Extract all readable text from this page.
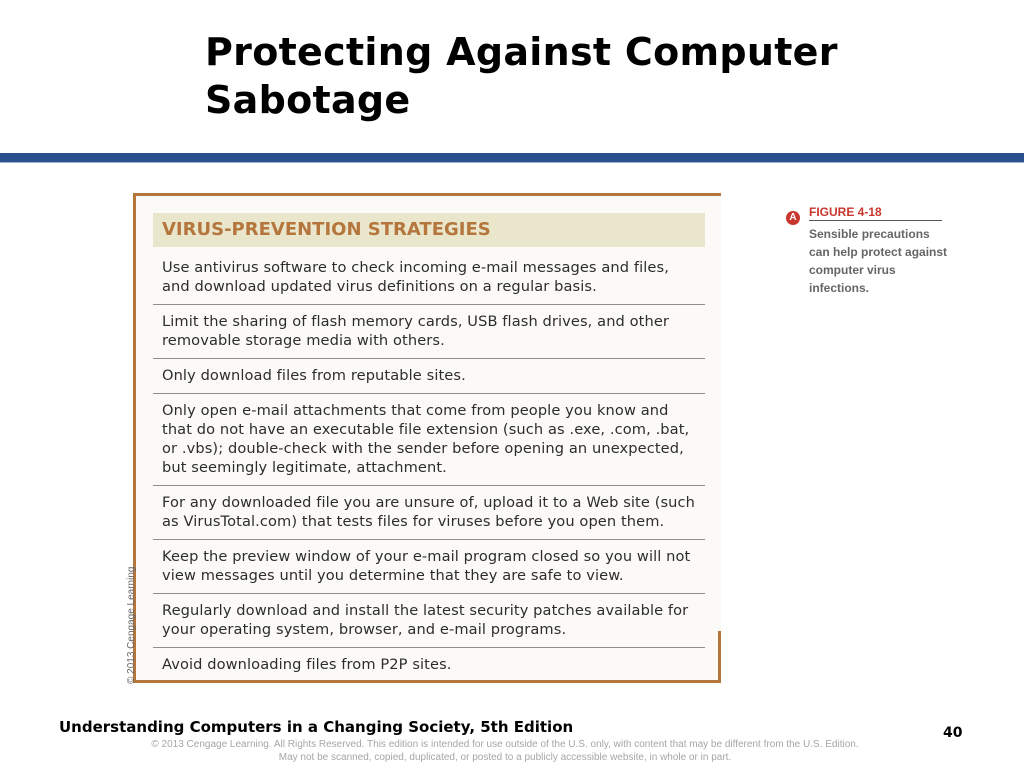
Protecting Against Computer Sabotage
VIRUS-PREVENTION STRATEGIES
Use antivirus software to check incoming e-mail messages and files, and download updated virus definitions on a regular basis.
Limit the sharing of flash memory cards, USB flash drives, and other removable storage media with others.
Only download files from reputable sites.
Only open e-mail attachments that come from people you know and that do not have an executable file extension (such as .exe, .com, .bat, or .vbs); double-check with the sender before opening an unexpected, but seemingly legitimate, attachment.
For any downloaded file you are unsure of, upload it to a Web site (such as VirusTotal.com) that tests files for viruses before you open them.
Keep the preview window of your e-mail program closed so you will not view messages until you determine that they are safe to view.
Regularly download and install the latest security patches available for your operating system, browser, and e-mail programs.
Avoid downloading files from P2P sites.
© 2013 Cengage Learning
A FIGURE 4-18
Sensible precautions can help protect against computer virus infections.
Understanding Computers in a Changing Society, 5th Edition	40
© 2013 Cengage Learning. All Rights Reserved. This edition is intended for use outside of the U.S. only, with content that may be different from the U.S. Edition.
May not be scanned, copied, duplicated, or posted to a publicly accessible website, in whole or in part.
